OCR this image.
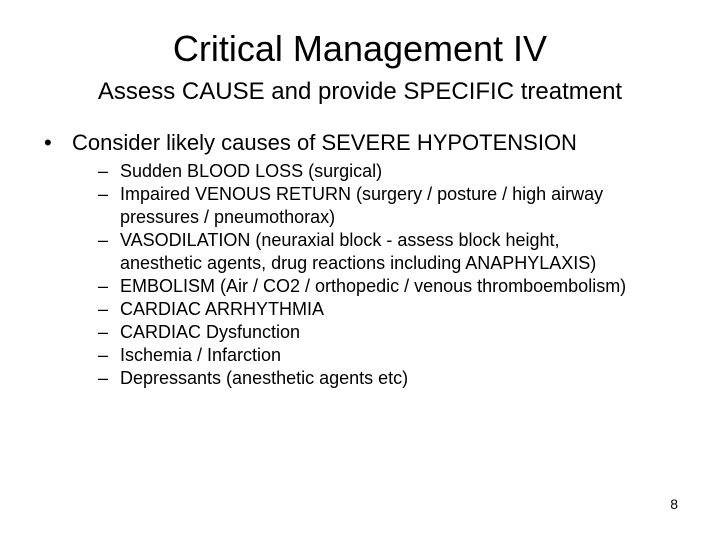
Critical Management IV
Assess CAUSE and provide SPECIFIC treatment
• Consider likely causes of SEVERE HYPOTENSION
– Sudden BLOOD LOSS (surgical)
– Impaired VENOUS RETURN (surgery / posture / high airway
pressures / pneumothorax)
– VASODILATION (neuraxial block - assess block height,
anesthetic agents, drug reactions including ANAPHYLAXIS)
– EMBOLISM (Air / CO2 / orthopedic / venous thromboembolism)
– CARDIAC ARRHYTHMIA
– CARDIAC Dysfunction
– Ischemia / Infarction
– Depressants (anesthetic agents etc)
8
